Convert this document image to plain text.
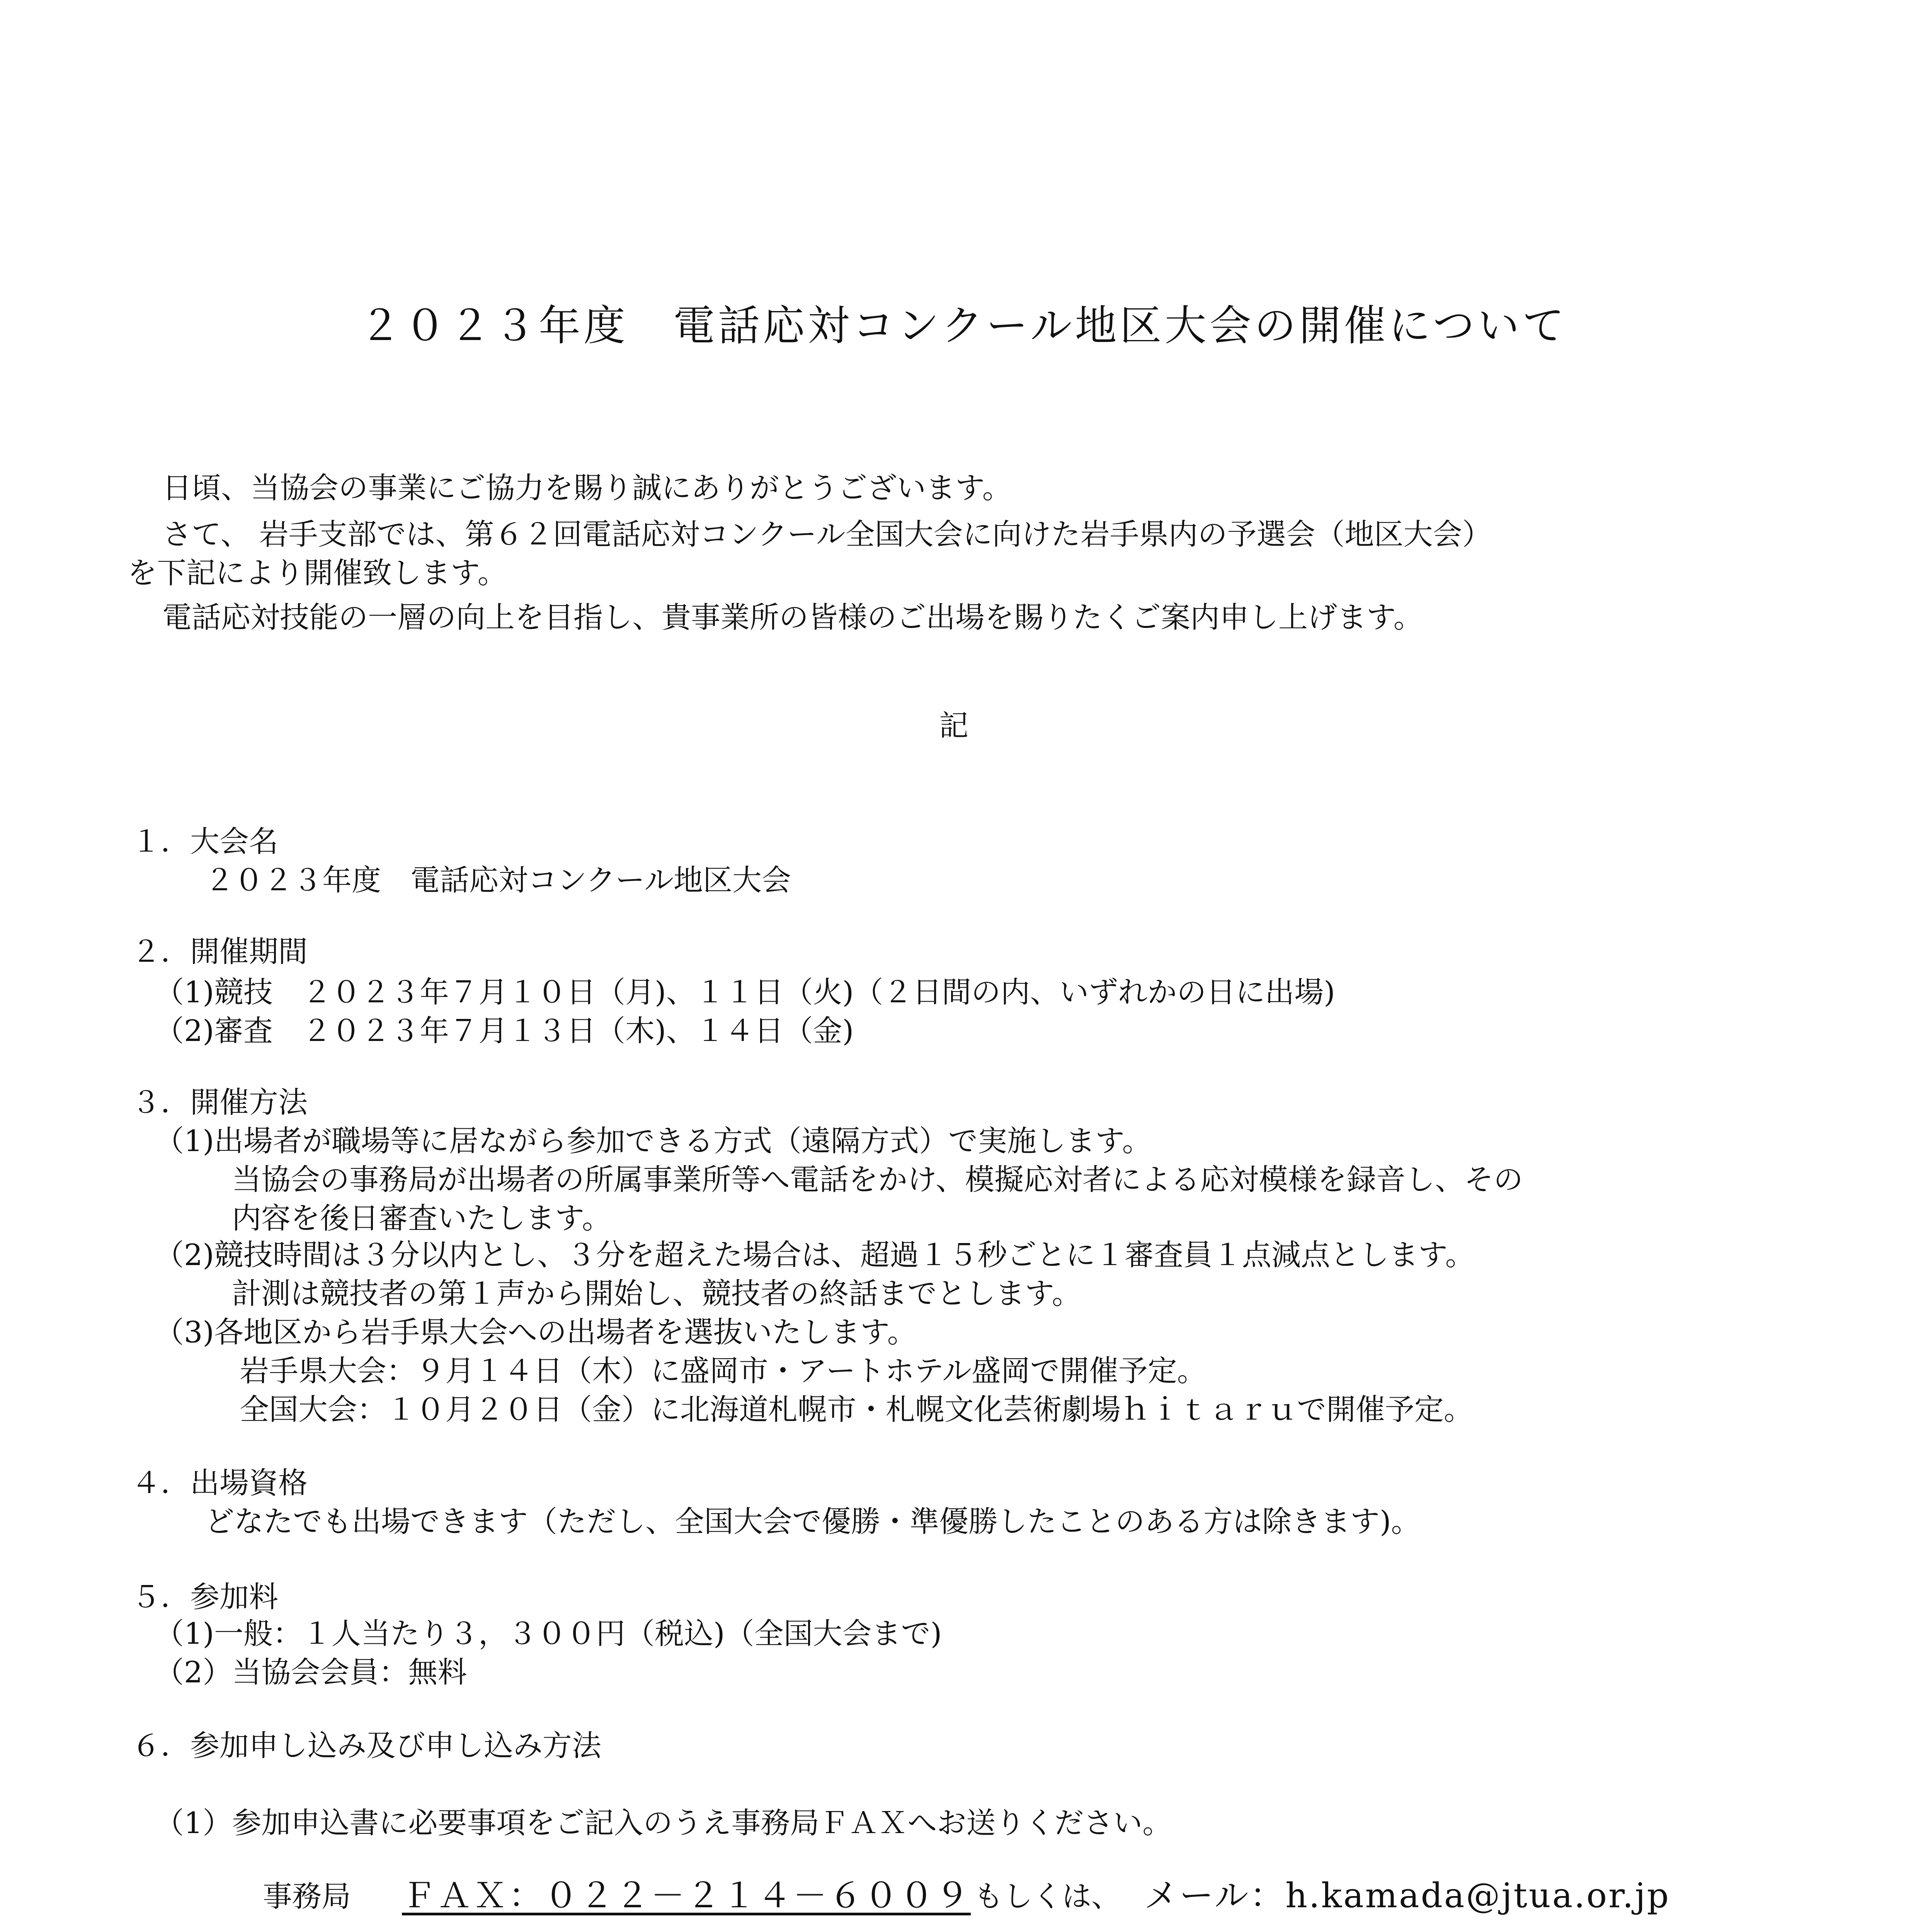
２０２３年度　電話応対コンクール地区大会の開催について
日頃、当協会の事業にご協力を賜り誠にありがとうございます。
さて、 岩手支部では、第６２回電話応対コンクール全国大会に向けた岩手県内の予選会（地区大会）
を下記により開催致します。
電話応対技能の一層の向上を目指し、貴事業所の皆様のご出場を賜りたくご案内申し上げます。
記
１．大会名
２０２３年度　電話応対コンクール地区大会
２．開催期間
（1)競技　２０２３年７月１０日（月)、１１日（火)（２日間の内、いずれかの日に出場)
（2)審査　２０２３年７月１３日（木)、１４日（金)
３．開催方法
（1)出場者が職場等に居ながら参加できる方式（遠隔方式）で実施します。
当協会の事務局が出場者の所属事業所等へ電話をかけ、模擬応対者による応対模様を録音し、その
内容を後日審査いたします。
（2)競技時間は３分以内とし、３分を超えた場合は、超過１５秒ごとに１審査員１点減点とします。
計測は競技者の第１声から開始し、競技者の終話までとします。
（3)各地区から岩手県大会への出場者を選抜いたします。
岩手県大会：９月１４日（木）に盛岡市・アートホテル盛岡で開催予定。
全国大会：１０月２０日（金）に北海道札幌市・札幌文化芸術劇場ｈｉｔａｒｕで開催予定。
４．出場資格
どなたでも出場できます（ただし、全国大会で優勝・準優勝したことのある方は除きます)。
５．参加料
（1)一般：１人当たり３，３００円（税込)（全国大会まで)
（2）当協会会員：無料
６．参加申し込み及び申し込み方法
（1）参加申込書に必要事項をご記入のうえ事務局ＦＡＸへお送りください。
事務局 ＦＡＸ：０２２－２１４－６００９ もしくは、 メール：h.kamada@jtua.or.jp
